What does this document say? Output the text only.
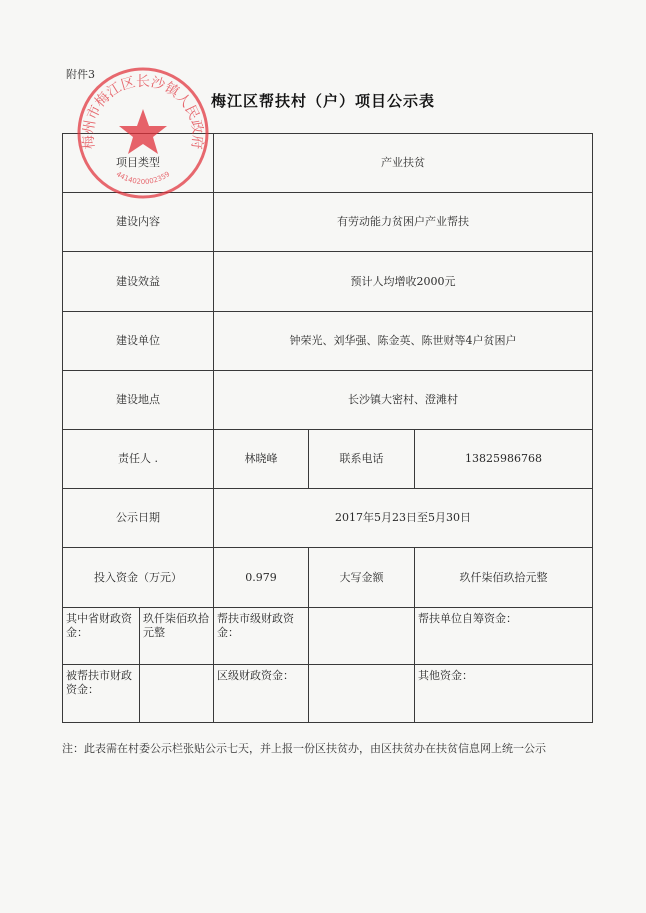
附件3
梅江区帮扶村（户）项目公示表
项目类型		产业扶贫		
建设内容		有劳动能力贫困户产业帮扶		
建设效益		预计人均增收2000元		
建设单位		钟荣光、刘华强、陈金英、陈世财等4户贫困户		
建设地点		长沙镇大密村、澄滩村		
责任人 .		林晓峰	联系电话	13825986768
公示日期		2017年5月23日至5月30日		
投入资金（万元）		0.979	大写金额	玖仟柒佰玖拾元整
其中省财政资金：	玖仟柒佰玖拾元整	帮扶市级财政资金：		帮扶单位自筹资金：
被帮扶市财政资金：		区级财政资金：		其他资金：
注：此表需在村委公示栏张贴公示七天，并上报一份区扶贫办，由区扶贫办在扶贫信息网上统一公示
梅州市梅江区长沙镇人民政府
4414020002359
